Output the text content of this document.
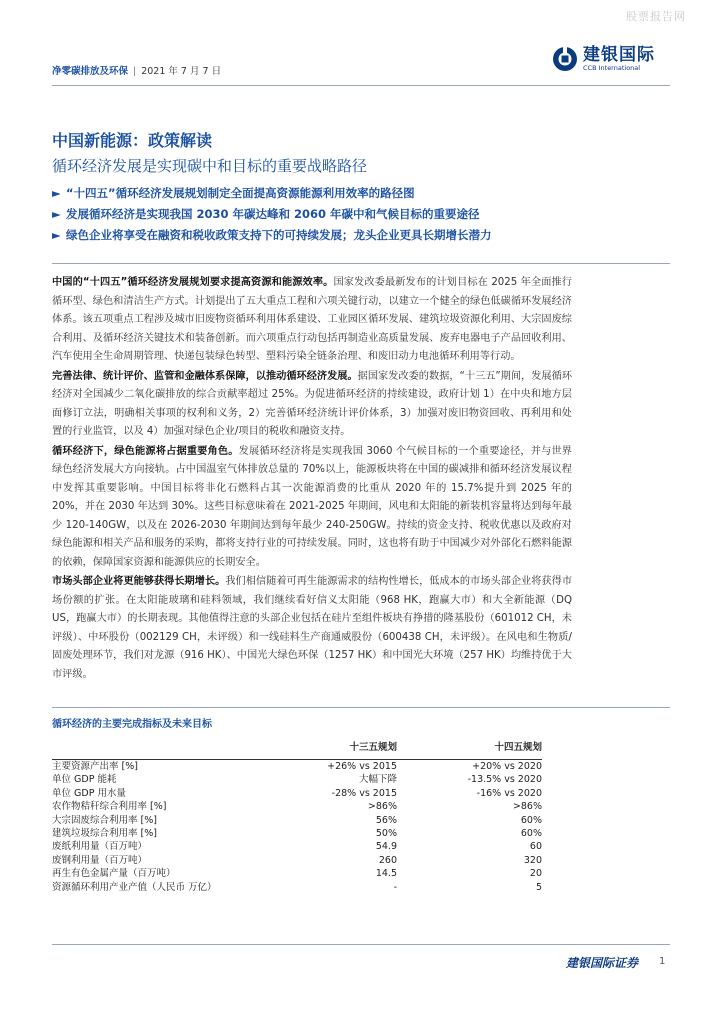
股票报告网
净零碳排放及环保 | 2021 年 7 月 7 日
建银国际
CCB International
中国新能源：政策解读
循环经济发展是实现碳中和目标的重要战略路径
► “十四五”循环经济发展规划制定全面提高资源能源利用效率的路径图
► 发展循环经济是实现我国 2030 年碳达峰和 2060 年碳中和气候目标的重要途径
► 绿色企业将享受在融资和税收政策支持下的可持续发展；龙头企业更具长期增长潜力

中国的“十四五”循环经济发展规划要求提高资源和能源效率。国家发改委最新发布的计划目标在 2025 年全面推行循环型、绿色和清洁生产方式。计划提出了五大重点工程和六项关键行动，以建立一个健全的绿色低碳循环发展经济体系。该五项重点工程涉及城市旧废物资循环利用体系建设、工业园区循环发展、建筑垃圾资源化利用、大宗固废综合利用、及循环经济关键技术和装备创新。而六项重点行动包括再制造业高质量发展、废弃电器电子产品回收利用、汽车使用全生命周期管理、快递包装绿色转型、塑料污染全链条治理、和废旧动力电池循环利用等行动。

完善法律、统计评价、监管和金融体系保障，以推动循环经济发展。据国家发改委的数据，“十三五”期间，发展循环经济对全国减少二氧化碳排放的综合贡献率超过 25%。为促进循环经济的持续建设，政府计划 1）在中央和地方层面修订立法，明确相关事项的权利和义务，2）完善循环经济统计评价体系，3）加强对废旧物资回收、再利用和处置的行业监管，以及 4）加强对绿色企业/项目的税收和融资支持。

循环经济下，绿色能源将占据重要角色。发展循环经济将是实现我国 3060 个气候目标的一个重要途径，并与世界绿色经济发展大方向接轨。占中国温室气体排放总量的 70%以上，能源板块将在中国的碳减排和循环经济发展议程中发挥其重要影响。中国目标将非化石燃料占其一次能源消费的比重从 2020 年的 15.7%提升到 2025 年的 20%，并在 2030 年达到 30%。这些目标意味着在 2021-2025 年期间，风电和太阳能的新装机容量将达到每年最少 120-140GW，以及在 2026-2030 年期间达到每年最少 240-250GW。持续的资金支持、税收优惠以及政府对绿色能源和相关产品和服务的采购，都将支持行业的可持续发展。同时，这也将有助于中国减少对外部化石燃料能源的依赖，保障国家资源和能源供应的长期安全。

市场头部企业将更能够获得长期增长。我们相信随着可再生能源需求的结构性增长，低成本的市场头部企业将获得市场份额的扩张。在太阳能玻璃和硅料领域，我们继续看好信义太阳能（968 HK，跑赢大市）和大全新能源（DQ US，跑赢大市）的长期表现。其他值得注意的头部企业包括在硅片至组件板块有挣措的隆基股份（601012 CH，未评级）、中环股份（002129 CH，未评级）和一线硅料生产商通威股份（600438 CH，未评级）。在风电和生物质/固废处理环节，我们对龙源（916 HK）、中国光大绿色环保（1257 HK）和中国光大环境（257 HK）均维持优于大市评级。

循环经济的主要完成指标及未来目标
	十三五规划	十四五规划
主要资源产出率 [%]	+26% vs 2015	+20% vs 2020
单位 GDP 能耗	大幅下降	-13.5% vs 2020
单位 GDP 用水量	-28% vs 2015	-16% vs 2020
农作物秸秆综合利用率 [%]	>86%	>86%
大宗固废综合利用率 [%]	56%	60%
建筑垃圾综合利用率 [%]	50%	60%
废纸利用量（百万吨）	54.9	60
废钢利用量（百万吨）	260	320
再生有色金属产量（百万吨）	14.5	20
资源循环利用产业产值（人民币 万亿）	-	5
建银国际证券 1
